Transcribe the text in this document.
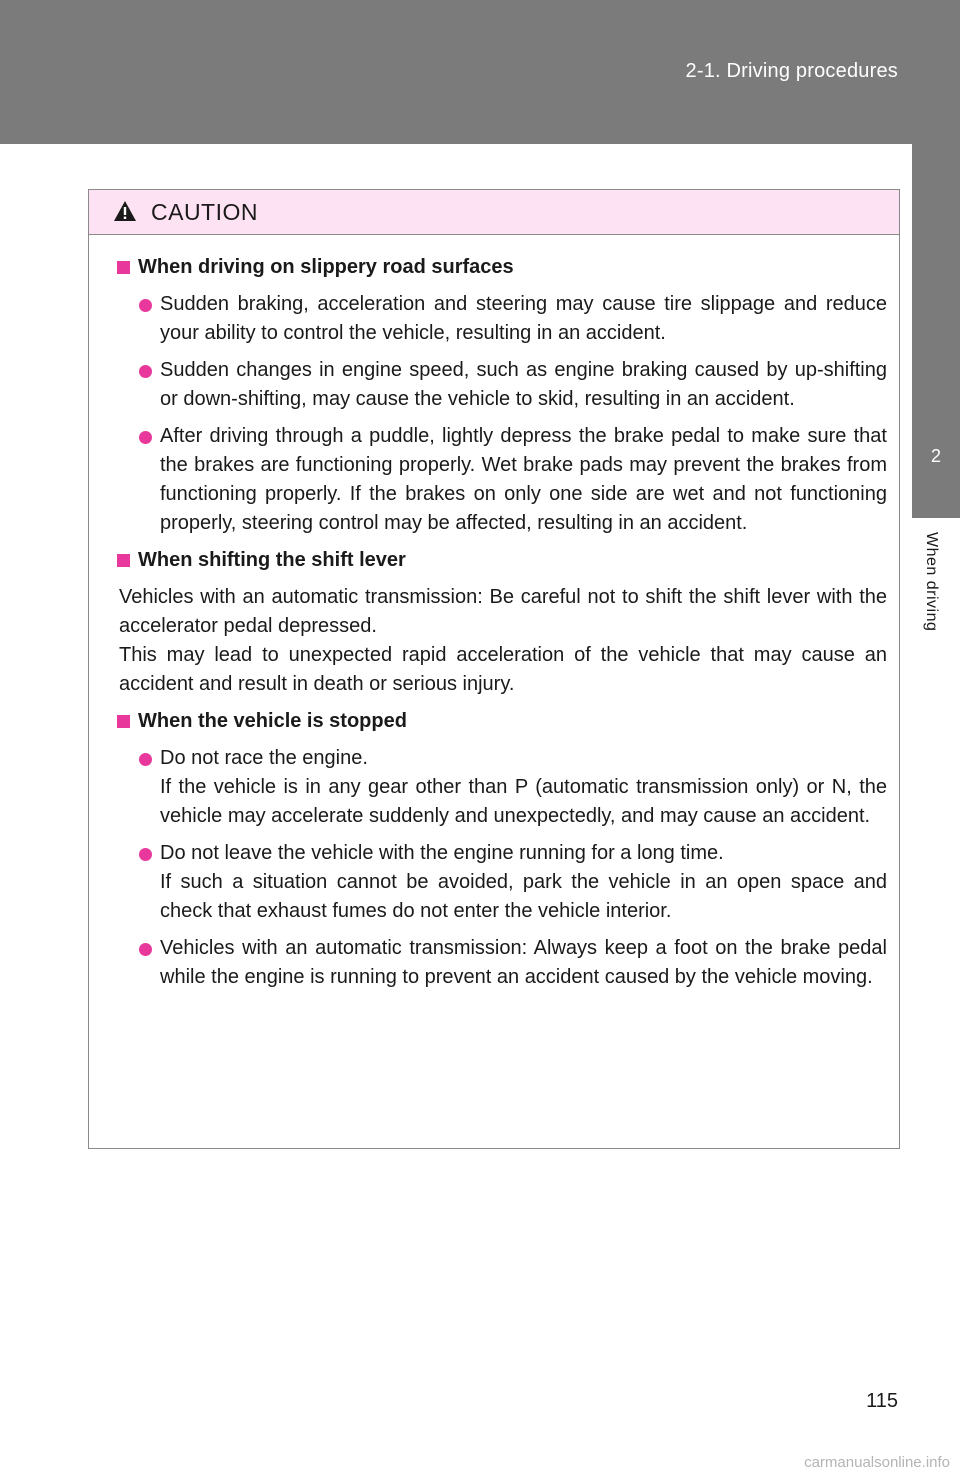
2-1. Driving procedures
2
When driving
CAUTION
When driving on slippery road surfaces

Sudden braking, acceleration and steering may cause tire slippage and reduce your ability to control the vehicle, resulting in an accident.

Sudden changes in engine speed, such as engine braking caused by up-shifting or down-shifting, may cause the vehicle to skid, resulting in an accident.

After driving through a puddle, lightly depress the brake pedal to make sure that the brakes are functioning properly. Wet brake pads may prevent the brakes from functioning properly. If the brakes on only one side are wet and not functioning properly, steering control may be affected, resulting in an accident.

When shifting the shift lever

Vehicles with an automatic transmission: Be careful not to shift the shift lever with the accelerator pedal depressed.

This may lead to unexpected rapid acceleration of the vehicle that may cause an accident and result in death or serious injury.

When the vehicle is stopped

Do not race the engine.

If the vehicle is in any gear other than P (automatic transmission only) or N, the vehicle may accelerate suddenly and unexpectedly, and may cause an accident.

Do not leave the vehicle with the engine running for a long time.

If such a situation cannot be avoided, park the vehicle in an open space and check that exhaust fumes do not enter the vehicle interior.

Vehicles with an automatic transmission: Always keep a foot on the brake pedal while the engine is running to prevent an accident caused by the vehicle moving.

115
carmanualsonline.info
